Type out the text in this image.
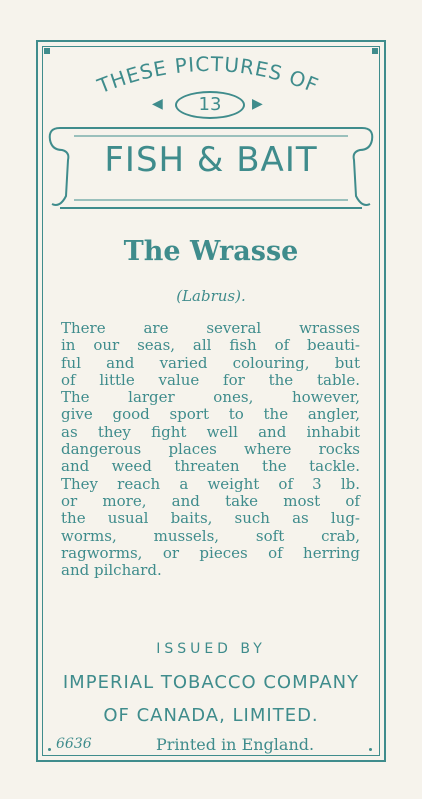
THESE PICTURES OF
◀	13	▶
FISH & BAIT
The Wrasse
(Labrus).
There are several wrasses
in our seas, all fish of beauti-
ful and varied colouring, but
of little value for the table.
The larger ones, however,
give good sport to the angler,
as they fight well and inhabit
dangerous places where rocks
and weed threaten the tackle.
They reach a weight of 3 lb.
or more, and take most of
the usual baits, such as lug-
worms, mussels, soft crab,
ragworms, or pieces of herring
and pilchard.
ISSUED BY
IMPERIAL TOBACCO COMPANY
OF CANADA, LIMITED.
6636	Printed in England.
